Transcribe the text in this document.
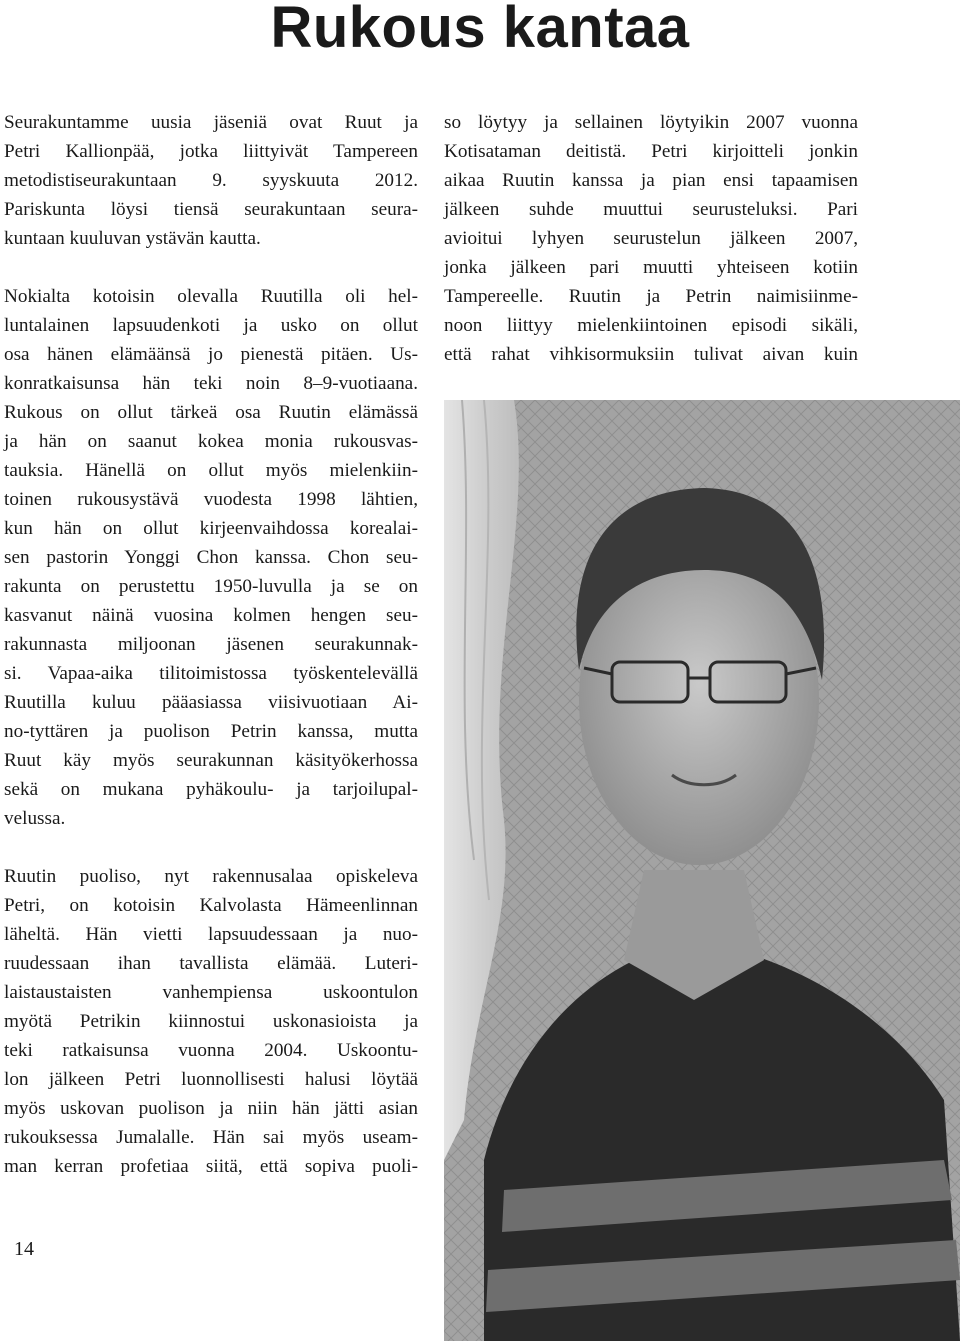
Rukous kantaa
Seurakuntamme uusia jäseniä ovat Ruut ja
Petri Kallionpää, jotka liittyivät Tampereen
metodistiseurakuntaan 9. syyskuuta 2012.
Pariskunta löysi tiensä seurakuntaan seura-
kuntaan kuuluvan ystävän kautta.
Nokialta kotoisin olevalla Ruutilla oli hel-
luntalainen lapsuudenkoti ja usko on ollut
osa hänen elämäänsä jo pienestä pitäen. Us-
konratkaisunsa hän teki noin 8–9-vuotiaana.
Rukous on ollut tärkeä osa Ruutin elämässä
ja hän on saanut kokea monia rukousvas-
tauksia. Hänellä on ollut myös mielenkiin-
toinen rukousystävä vuodesta 1998 lähtien,
kun hän on ollut kirjeenvaihdossa korealai-
sen pastorin Yonggi Chon kanssa. Chon seu-
rakunta on perustettu 1950-luvulla ja se on
kasvanut näinä vuosina kolmen hengen seu-
rakunnasta miljoonan jäsenen seurakunnak-
si. Vapaa-aika tilitoimistossa työskentelevällä
Ruutilla kuluu pääasiassa viisivuotiaan Ai-
no-tyttären ja puolison Petrin kanssa, mutta
Ruut käy myös seurakunnan käsityökerhossa
sekä on mukana pyhäkoulu- ja tarjoilupal-
velussa.
Ruutin puoliso, nyt rakennusalaa opiskeleva
Petri, on kotoisin Kalvolasta Hämeenlinnan
läheltä. Hän vietti lapsuudessaan ja nuo-
ruudessaan ihan tavallista elämää. Luteri-
laistaustaisten vanhempiensa uskoontulon
myötä Petrikin kiinnostui uskonasioista ja
teki ratkaisunsa vuonna 2004. Uskoontu-
lon jälkeen Petri luonnollisesti halusi löytää
myös uskovan puolison ja niin hän jätti asian
rukouksessa Jumalalle. Hän sai myös useam-
man kerran profetiaa siitä, että sopiva puoli-
so löytyy ja sellainen löytyikin 2007 vuonna
Kotisataman deitistä. Petri kirjoitteli jonkin
aikaa Ruutin kanssa ja pian ensi tapaamisen
jälkeen suhde muuttui seurusteluksi. Pari
avioitui lyhyen seurustelun jälkeen 2007,
jonka jälkeen pari muutti yhteiseen kotiin
Tampereelle. Ruutin ja Petrin naimisiinme-
noon liittyy mielenkiintoinen episodi sikäli,
että rahat vihkisormuksiin tulivat aivan kuin
14
